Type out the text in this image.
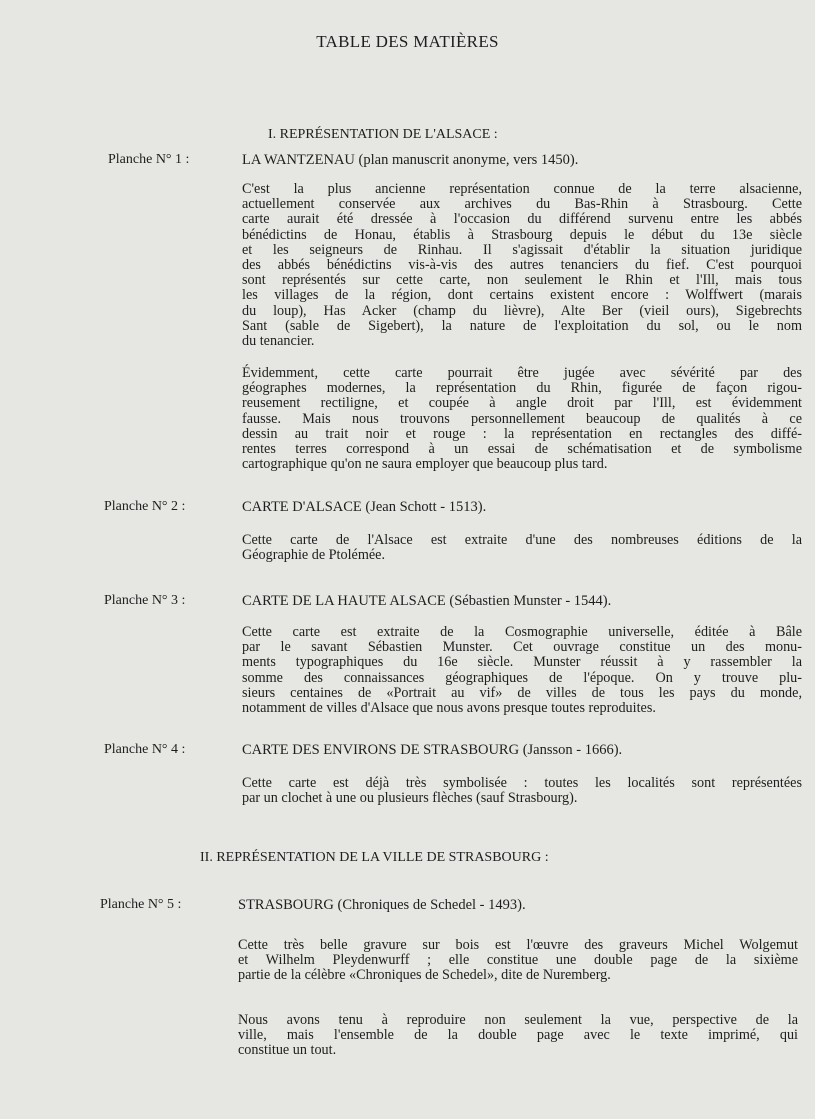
TABLE DES MATIÈRES
I. REPRÉSENTATION DE L'ALSACE :
II. REPRÉSENTATION DE LA VILLE DE STRASBOURG :
Planche N° 1 :	LA WANTZENAU (plan manuscrit anonyme, vers 1450).
C'est la plus ancienne représentation connue de la terre alsacienne,
actuellement conservée aux archives du Bas-Rhin à Strasbourg. Cette
carte aurait été dressée à l'occasion du différend survenu entre les abbés
bénédictins de Honau, établis à Strasbourg depuis le début du 13e siècle
et les seigneurs de Rinhau. Il s'agissait d'établir la situation juridique
des abbés bénédictins vis-à-vis des autres tenanciers du fief. C'est pourquoi
sont représentés sur cette carte, non seulement le Rhin et l'Ill, mais tous
les villages de la région, dont certains existent encore : Wolffwert (marais
du loup), Has Acker (champ du lièvre), Alte Ber (vieil ours), Sigebrechts
Sant (sable de Sigebert), la nature de l'exploitation du sol, ou le nom
du tenancier.
Évidemment, cette carte pourrait être jugée avec sévérité par des
géographes modernes, la représentation du Rhin, figurée de façon rigou-
reusement rectiligne, et coupée à angle droit par l'Ill, est évidemment
fausse. Mais nous trouvons personnellement beaucoup de qualités à ce
dessin au trait noir et rouge : la représentation en rectangles des diffé-
rentes terres correspond à un essai de schématisation et de symbolisme
cartographique qu'on ne saura employer que beaucoup plus tard.
Planche N° 2 :	CARTE D'ALSACE (Jean Schott - 1513).
Cette carte de l'Alsace est extraite d'une des nombreuses éditions de la
Géographie de Ptolémée.
Planche N° 3 :	CARTE DE LA HAUTE ALSACE (Sébastien Munster - 1544).
Cette carte est extraite de la Cosmographie universelle, éditée à Bâle
par le savant Sébastien Munster. Cet ouvrage constitue un des monu-
ments typographiques du 16e siècle. Munster réussit à y rassembler la
somme des connaissances géographiques de l'époque. On y trouve plu-
sieurs centaines de «Portrait au vif» de villes de tous les pays du monde,
notamment de villes d'Alsace que nous avons presque toutes reproduites.
Planche N° 4 :	CARTE DES ENVIRONS DE STRASBOURG (Jansson - 1666).
Cette carte est déjà très symbolisée : toutes les localités sont représentées
par un clochet à une ou plusieurs flèches (sauf Strasbourg).
Planche N° 5 :	STRASBOURG (Chroniques de Schedel - 1493).
Cette très belle gravure sur bois est l'œuvre des graveurs Michel Wolgemut
et Wilhelm Pleydenwurff ; elle constitue une double page de la sixième
partie de la célèbre «Chroniques de Schedel», dite de Nuremberg.
Nous avons tenu à reproduire non seulement la vue, perspective de la
ville, mais l'ensemble de la double page avec le texte imprimé, qui
constitue un tout.
